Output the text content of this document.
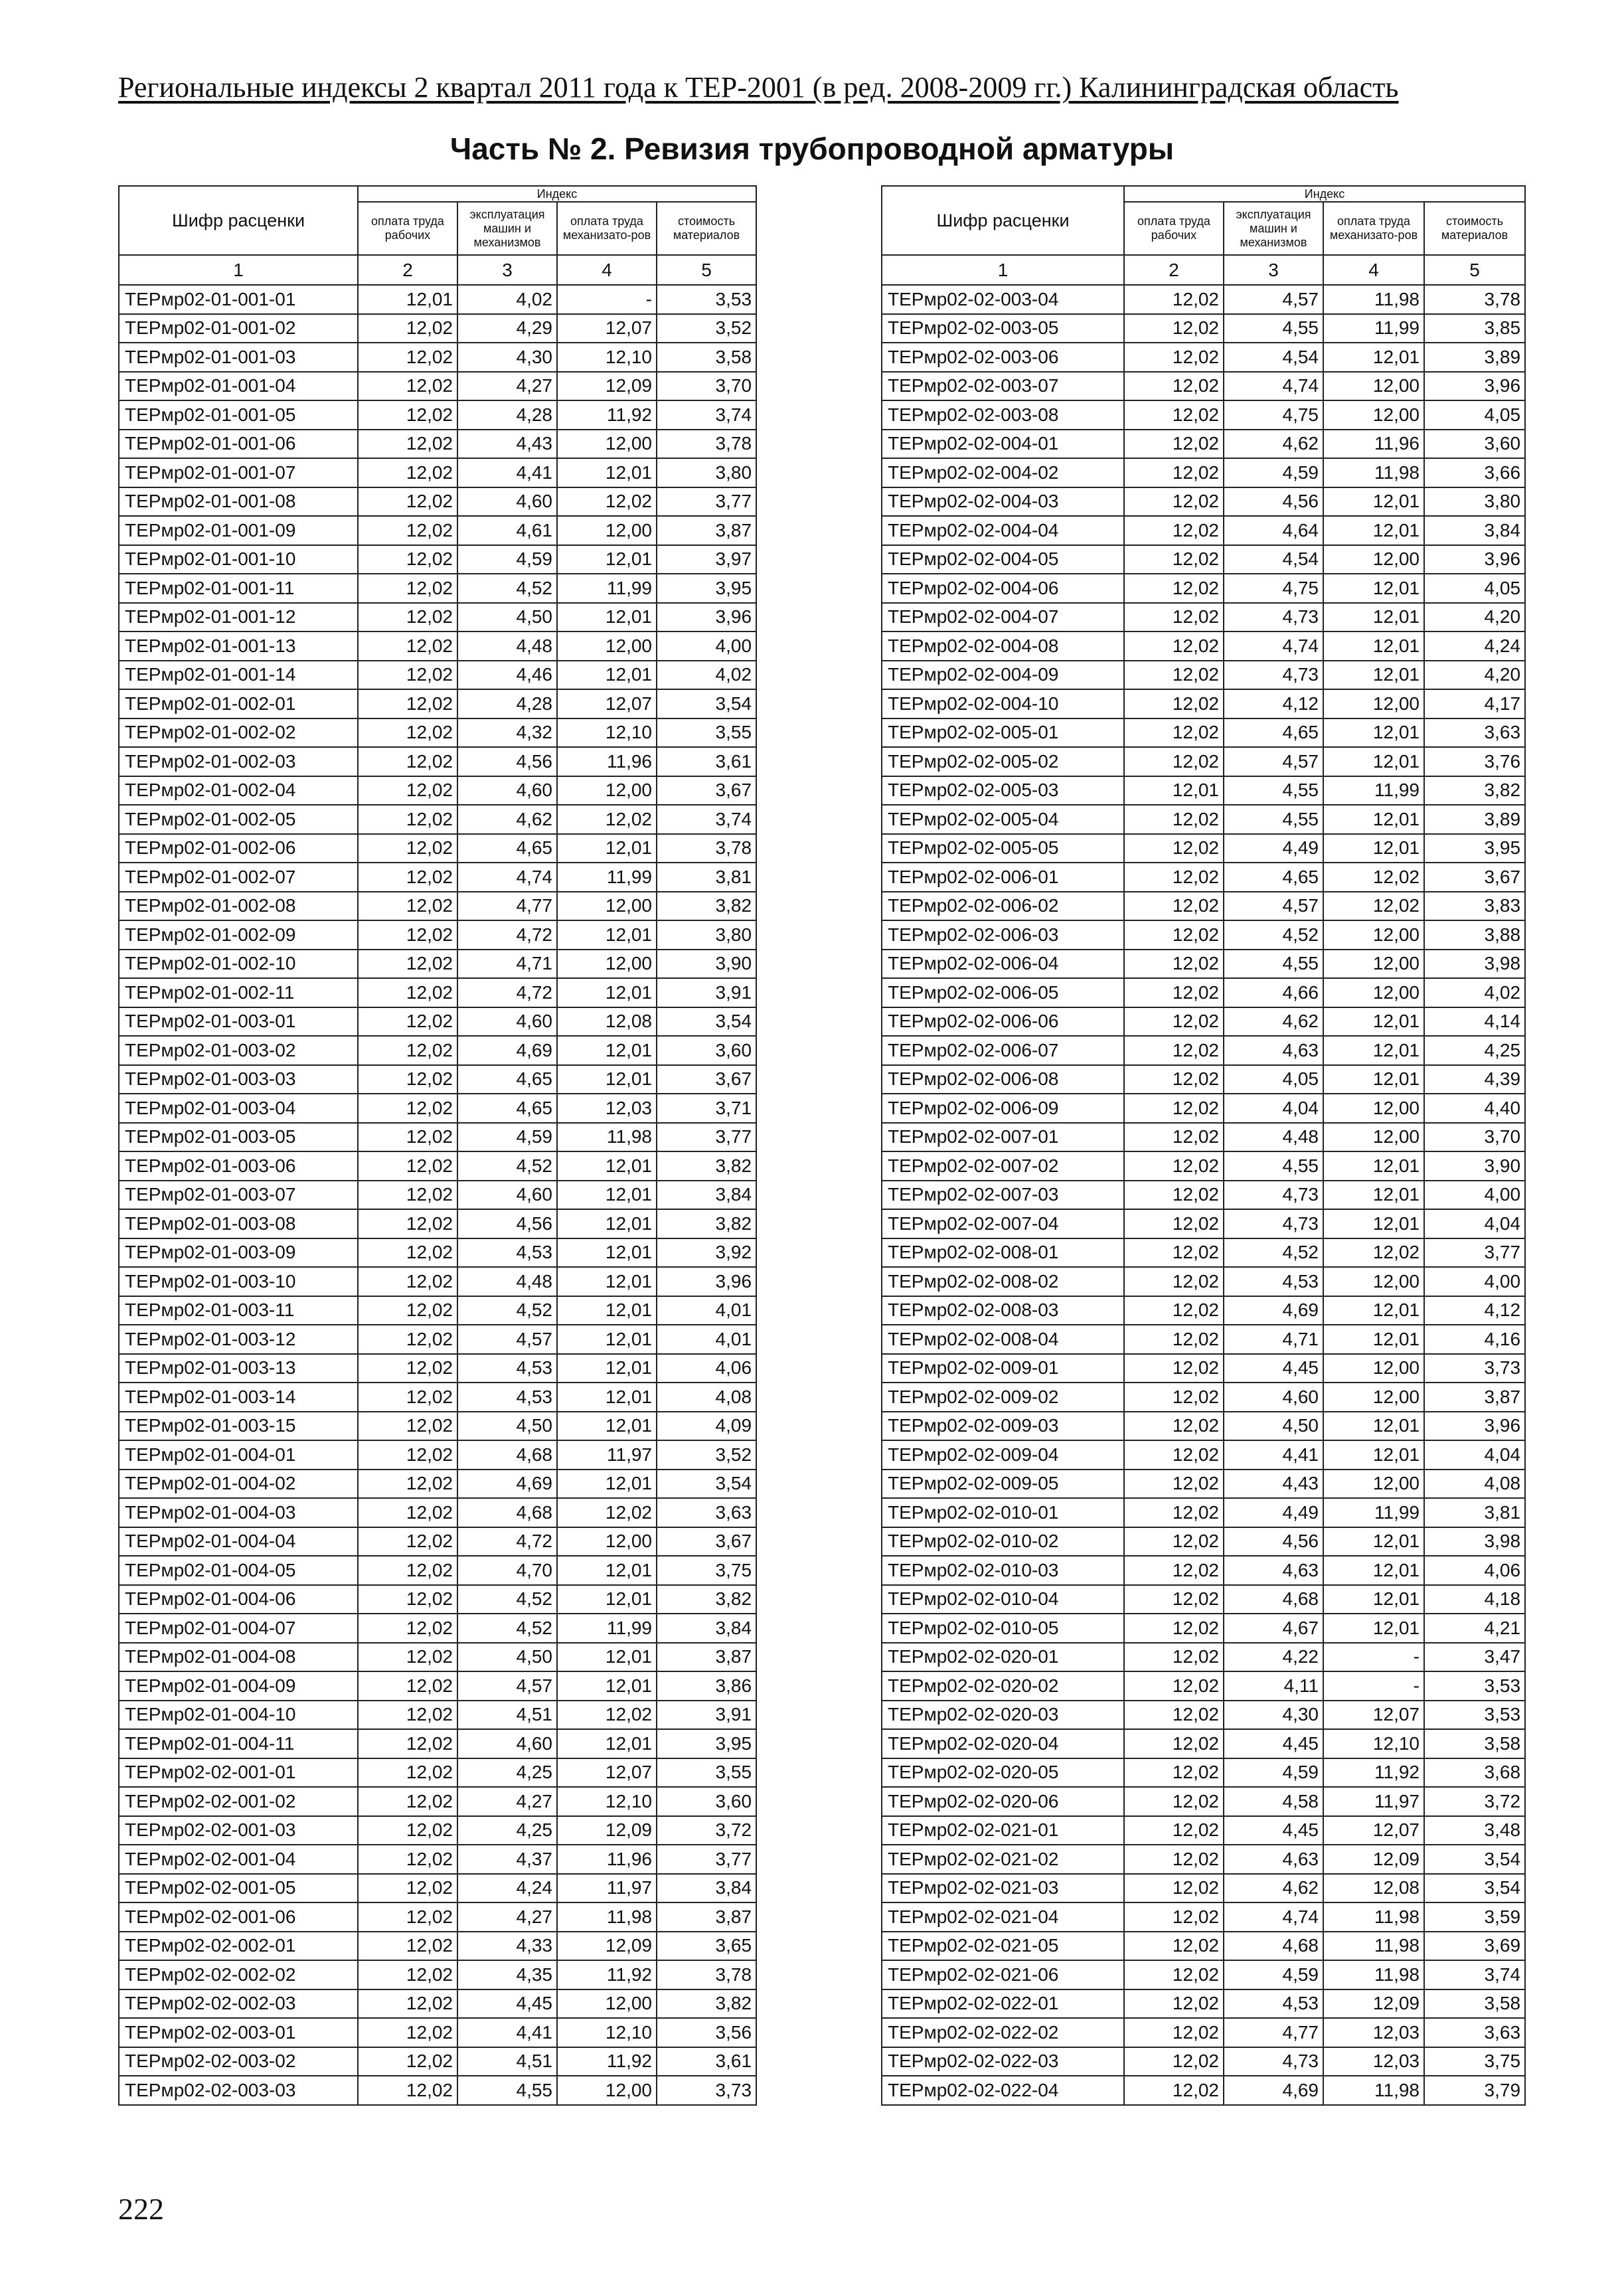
Региональные индексы 2 квартал 2011 года к ТЕР-2001 (в ред. 2008-2009 гг.) Калининградская область
Часть № 2. Ревизия трубопроводной арматуры
Шифр расценки	Индекс			
	оплата труда рабочих	эксплуатация машин и механизмов	оплата труда механизато-ров	стоимость материалов
1	2	3	4	5
ТЕРмр02-01-001-01	12,01	4,02	-	3,53
ТЕРмр02-01-001-02	12,02	4,29	12,07	3,52
ТЕРмр02-01-001-03	12,02	4,30	12,10	3,58
ТЕРмр02-01-001-04	12,02	4,27	12,09	3,70
ТЕРмр02-01-001-05	12,02	4,28	11,92	3,74
ТЕРмр02-01-001-06	12,02	4,43	12,00	3,78
ТЕРмр02-01-001-07	12,02	4,41	12,01	3,80
ТЕРмр02-01-001-08	12,02	4,60	12,02	3,77
ТЕРмр02-01-001-09	12,02	4,61	12,00	3,87
ТЕРмр02-01-001-10	12,02	4,59	12,01	3,97
ТЕРмр02-01-001-11	12,02	4,52	11,99	3,95
ТЕРмр02-01-001-12	12,02	4,50	12,01	3,96
ТЕРмр02-01-001-13	12,02	4,48	12,00	4,00
ТЕРмр02-01-001-14	12,02	4,46	12,01	4,02
ТЕРмр02-01-002-01	12,02	4,28	12,07	3,54
ТЕРмр02-01-002-02	12,02	4,32	12,10	3,55
ТЕРмр02-01-002-03	12,02	4,56	11,96	3,61
ТЕРмр02-01-002-04	12,02	4,60	12,00	3,67
ТЕРмр02-01-002-05	12,02	4,62	12,02	3,74
ТЕРмр02-01-002-06	12,02	4,65	12,01	3,78
ТЕРмр02-01-002-07	12,02	4,74	11,99	3,81
ТЕРмр02-01-002-08	12,02	4,77	12,00	3,82
ТЕРмр02-01-002-09	12,02	4,72	12,01	3,80
ТЕРмр02-01-002-10	12,02	4,71	12,00	3,90
ТЕРмр02-01-002-11	12,02	4,72	12,01	3,91
ТЕРмр02-01-003-01	12,02	4,60	12,08	3,54
ТЕРмр02-01-003-02	12,02	4,69	12,01	3,60
ТЕРмр02-01-003-03	12,02	4,65	12,01	3,67
ТЕРмр02-01-003-04	12,02	4,65	12,03	3,71
ТЕРмр02-01-003-05	12,02	4,59	11,98	3,77
ТЕРмр02-01-003-06	12,02	4,52	12,01	3,82
ТЕРмр02-01-003-07	12,02	4,60	12,01	3,84
ТЕРмр02-01-003-08	12,02	4,56	12,01	3,82
ТЕРмр02-01-003-09	12,02	4,53	12,01	3,92
ТЕРмр02-01-003-10	12,02	4,48	12,01	3,96
ТЕРмр02-01-003-11	12,02	4,52	12,01	4,01
ТЕРмр02-01-003-12	12,02	4,57	12,01	4,01
ТЕРмр02-01-003-13	12,02	4,53	12,01	4,06
ТЕРмр02-01-003-14	12,02	4,53	12,01	4,08
ТЕРмр02-01-003-15	12,02	4,50	12,01	4,09
ТЕРмр02-01-004-01	12,02	4,68	11,97	3,52
ТЕРмр02-01-004-02	12,02	4,69	12,01	3,54
ТЕРмр02-01-004-03	12,02	4,68	12,02	3,63
ТЕРмр02-01-004-04	12,02	4,72	12,00	3,67
ТЕРмр02-01-004-05	12,02	4,70	12,01	3,75
ТЕРмр02-01-004-06	12,02	4,52	12,01	3,82
ТЕРмр02-01-004-07	12,02	4,52	11,99	3,84
ТЕРмр02-01-004-08	12,02	4,50	12,01	3,87
ТЕРмр02-01-004-09	12,02	4,57	12,01	3,86
ТЕРмр02-01-004-10	12,02	4,51	12,02	3,91
ТЕРмр02-01-004-11	12,02	4,60	12,01	3,95
ТЕРмр02-02-001-01	12,02	4,25	12,07	3,55
ТЕРмр02-02-001-02	12,02	4,27	12,10	3,60
ТЕРмр02-02-001-03	12,02	4,25	12,09	3,72
ТЕРмр02-02-001-04	12,02	4,37	11,96	3,77
ТЕРмр02-02-001-05	12,02	4,24	11,97	3,84
ТЕРмр02-02-001-06	12,02	4,27	11,98	3,87
ТЕРмр02-02-002-01	12,02	4,33	12,09	3,65
ТЕРмр02-02-002-02	12,02	4,35	11,92	3,78
ТЕРмр02-02-002-03	12,02	4,45	12,00	3,82
ТЕРмр02-02-003-01	12,02	4,41	12,10	3,56
ТЕРмр02-02-003-02	12,02	4,51	11,92	3,61
ТЕРмр02-02-003-03	12,02	4,55	12,00	3,73
Шифр расценки	Индекс			
	оплата труда рабочих	эксплуатация машин и механизмов	оплата труда механизато-ров	стоимость материалов
1	2	3	4	5
ТЕРмр02-02-003-04	12,02	4,57	11,98	3,78
ТЕРмр02-02-003-05	12,02	4,55	11,99	3,85
ТЕРмр02-02-003-06	12,02	4,54	12,01	3,89
ТЕРмр02-02-003-07	12,02	4,74	12,00	3,96
ТЕРмр02-02-003-08	12,02	4,75	12,00	4,05
ТЕРмр02-02-004-01	12,02	4,62	11,96	3,60
ТЕРмр02-02-004-02	12,02	4,59	11,98	3,66
ТЕРмр02-02-004-03	12,02	4,56	12,01	3,80
ТЕРмр02-02-004-04	12,02	4,64	12,01	3,84
ТЕРмр02-02-004-05	12,02	4,54	12,00	3,96
ТЕРмр02-02-004-06	12,02	4,75	12,01	4,05
ТЕРмр02-02-004-07	12,02	4,73	12,01	4,20
ТЕРмр02-02-004-08	12,02	4,74	12,01	4,24
ТЕРмр02-02-004-09	12,02	4,73	12,01	4,20
ТЕРмр02-02-004-10	12,02	4,12	12,00	4,17
ТЕРмр02-02-005-01	12,02	4,65	12,01	3,63
ТЕРмр02-02-005-02	12,02	4,57	12,01	3,76
ТЕРмр02-02-005-03	12,01	4,55	11,99	3,82
ТЕРмр02-02-005-04	12,02	4,55	12,01	3,89
ТЕРмр02-02-005-05	12,02	4,49	12,01	3,95
ТЕРмр02-02-006-01	12,02	4,65	12,02	3,67
ТЕРмр02-02-006-02	12,02	4,57	12,02	3,83
ТЕРмр02-02-006-03	12,02	4,52	12,00	3,88
ТЕРмр02-02-006-04	12,02	4,55	12,00	3,98
ТЕРмр02-02-006-05	12,02	4,66	12,00	4,02
ТЕРмр02-02-006-06	12,02	4,62	12,01	4,14
ТЕРмр02-02-006-07	12,02	4,63	12,01	4,25
ТЕРмр02-02-006-08	12,02	4,05	12,01	4,39
ТЕРмр02-02-006-09	12,02	4,04	12,00	4,40
ТЕРмр02-02-007-01	12,02	4,48	12,00	3,70
ТЕРмр02-02-007-02	12,02	4,55	12,01	3,90
ТЕРмр02-02-007-03	12,02	4,73	12,01	4,00
ТЕРмр02-02-007-04	12,02	4,73	12,01	4,04
ТЕРмр02-02-008-01	12,02	4,52	12,02	3,77
ТЕРмр02-02-008-02	12,02	4,53	12,00	4,00
ТЕРмр02-02-008-03	12,02	4,69	12,01	4,12
ТЕРмр02-02-008-04	12,02	4,71	12,01	4,16
ТЕРмр02-02-009-01	12,02	4,45	12,00	3,73
ТЕРмр02-02-009-02	12,02	4,60	12,00	3,87
ТЕРмр02-02-009-03	12,02	4,50	12,01	3,96
ТЕРмр02-02-009-04	12,02	4,41	12,01	4,04
ТЕРмр02-02-009-05	12,02	4,43	12,00	4,08
ТЕРмр02-02-010-01	12,02	4,49	11,99	3,81
ТЕРмр02-02-010-02	12,02	4,56	12,01	3,98
ТЕРмр02-02-010-03	12,02	4,63	12,01	4,06
ТЕРмр02-02-010-04	12,02	4,68	12,01	4,18
ТЕРмр02-02-010-05	12,02	4,67	12,01	4,21
ТЕРмр02-02-020-01	12,02	4,22	-	3,47
ТЕРмр02-02-020-02	12,02	4,11	-	3,53
ТЕРмр02-02-020-03	12,02	4,30	12,07	3,53
ТЕРмр02-02-020-04	12,02	4,45	12,10	3,58
ТЕРмр02-02-020-05	12,02	4,59	11,92	3,68
ТЕРмр02-02-020-06	12,02	4,58	11,97	3,72
ТЕРмр02-02-021-01	12,02	4,45	12,07	3,48
ТЕРмр02-02-021-02	12,02	4,63	12,09	3,54
ТЕРмр02-02-021-03	12,02	4,62	12,08	3,54
ТЕРмр02-02-021-04	12,02	4,74	11,98	3,59
ТЕРмр02-02-021-05	12,02	4,68	11,98	3,69
ТЕРмр02-02-021-06	12,02	4,59	11,98	3,74
ТЕРмр02-02-022-01	12,02	4,53	12,09	3,58
ТЕРмр02-02-022-02	12,02	4,77	12,03	3,63
ТЕРмр02-02-022-03	12,02	4,73	12,03	3,75
ТЕРмр02-02-022-04	12,02	4,69	11,98	3,79
222
